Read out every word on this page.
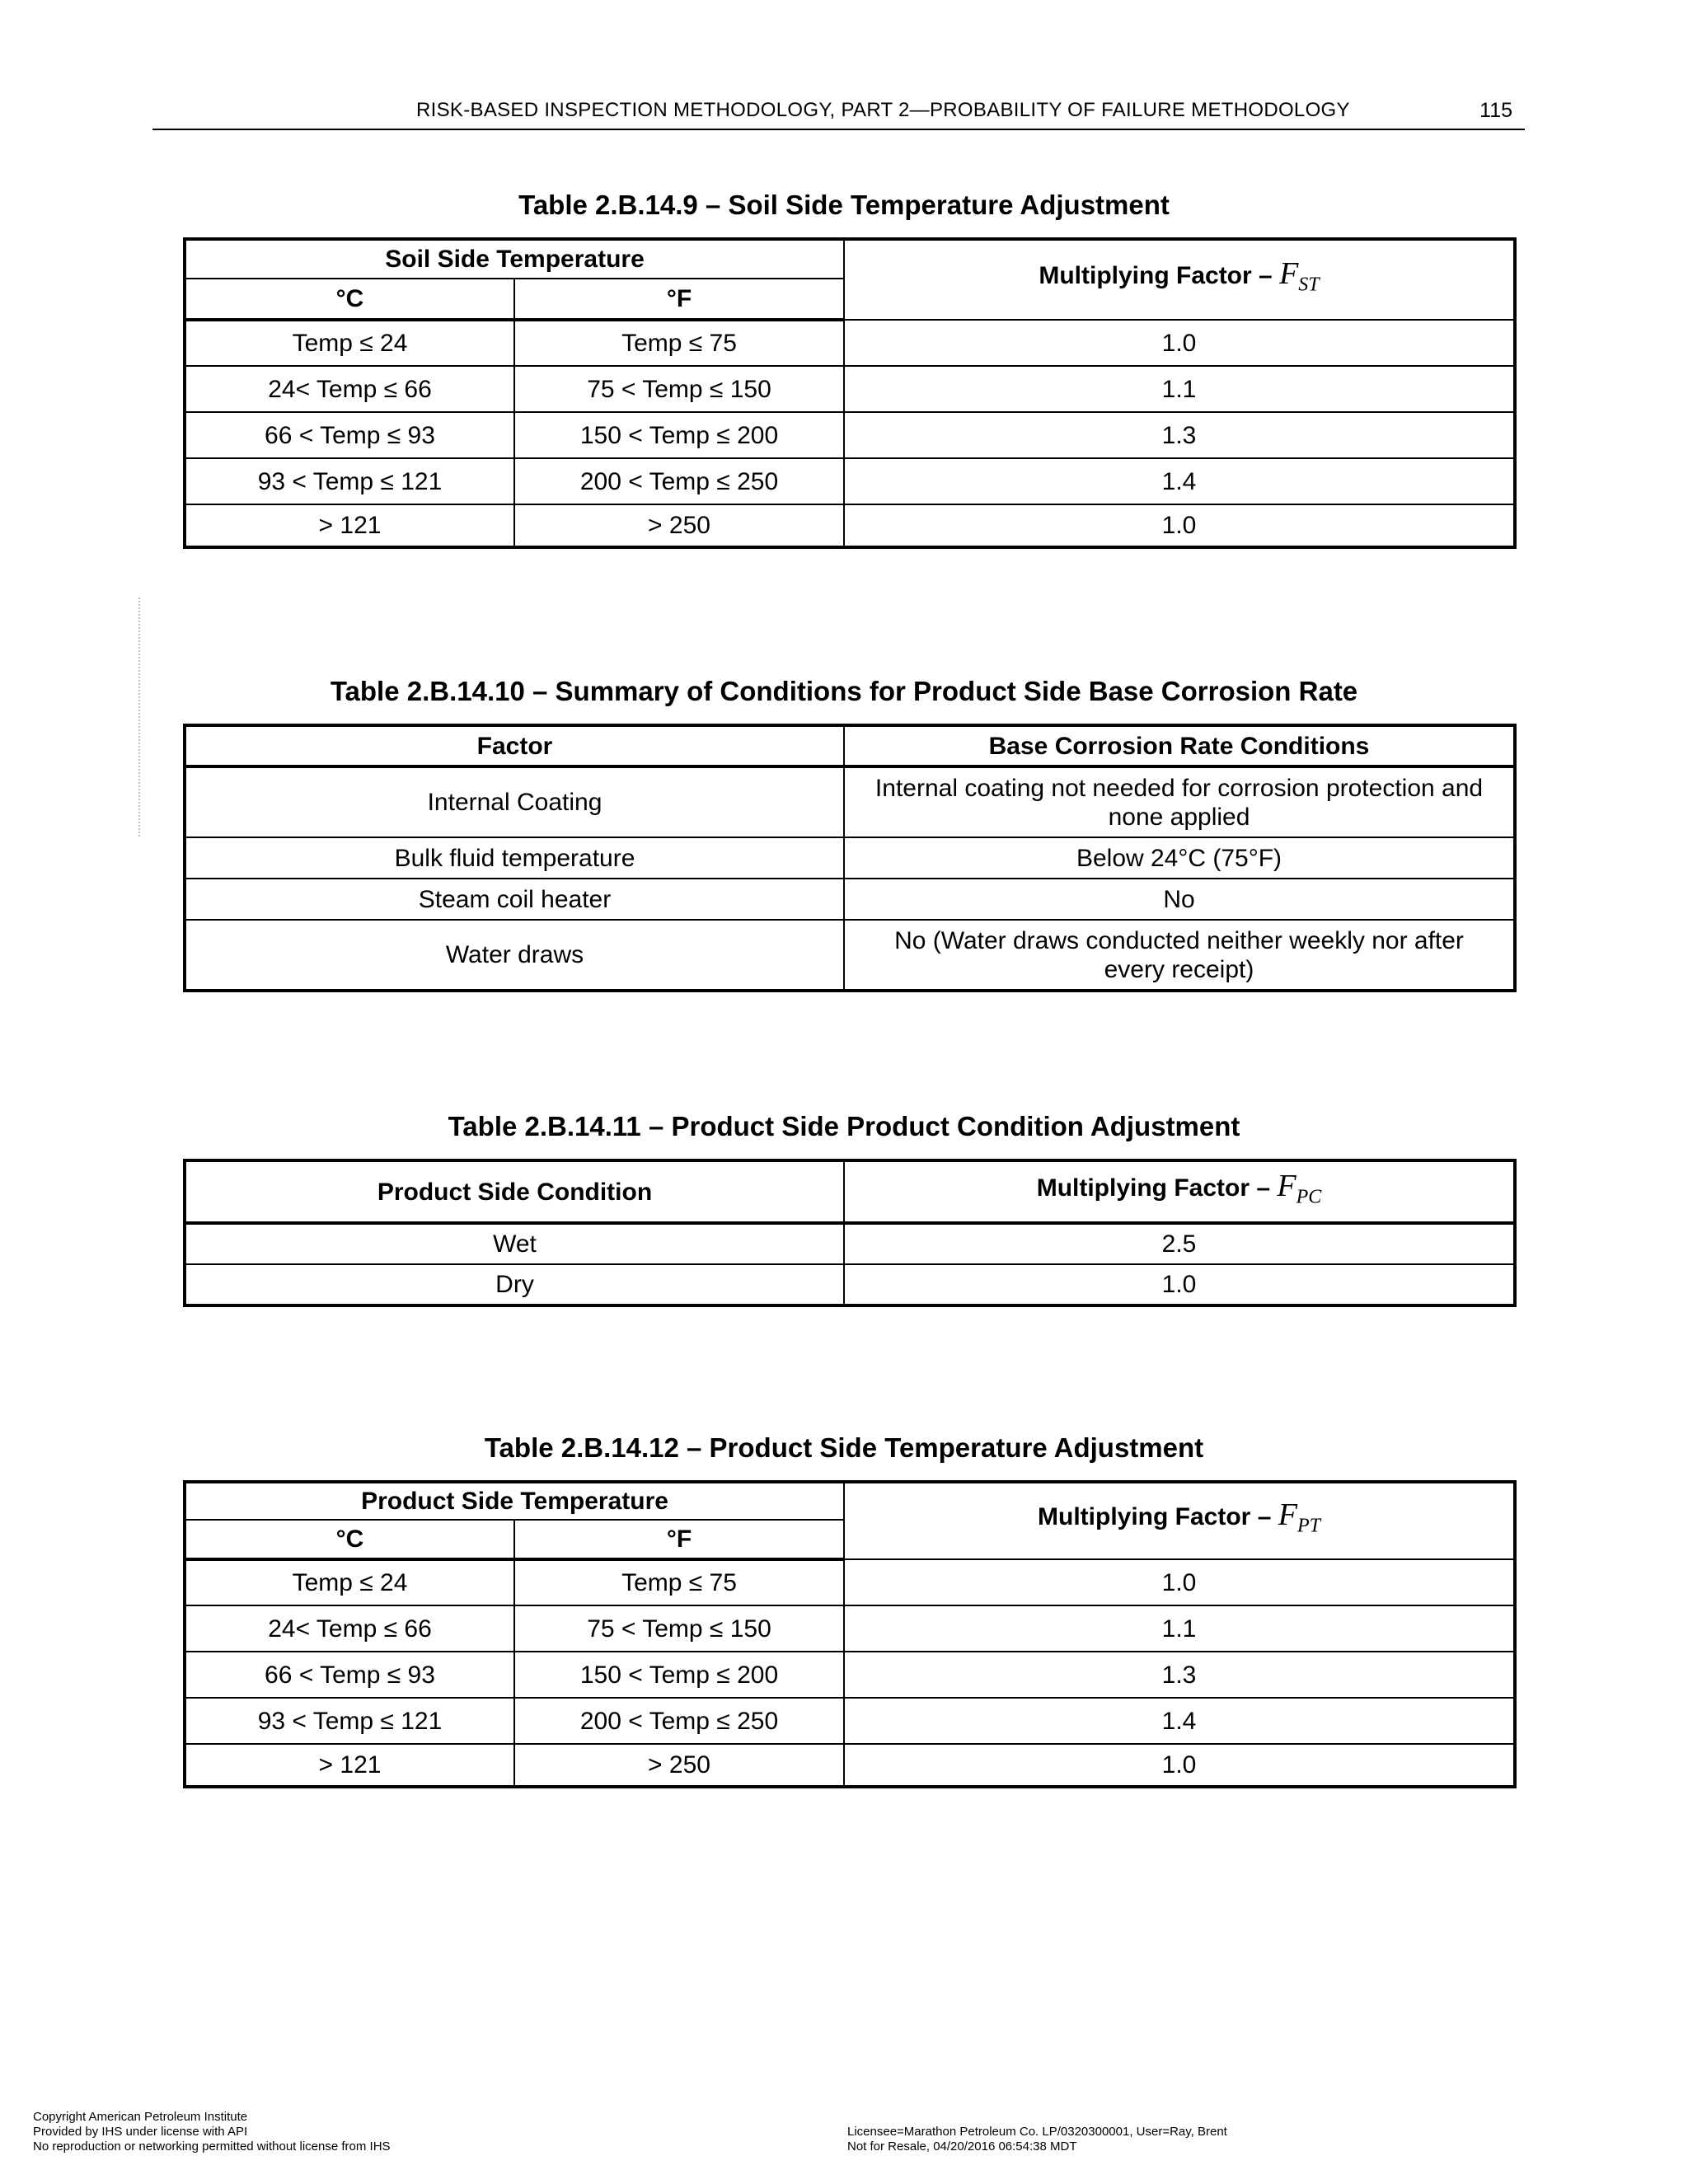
RISK-BASED INSPECTION METHODOLOGY, PART 2—PROBABILITY OF FAILURE METHODOLOGY	115
Table 2.B.14.9 – Soil Side Temperature Adjustment
Soil Side Temperature		Multiplying Factor – $F_{ST}$
°C	°F	
Temp ≤ 24	Temp ≤ 75	1.0
24< Temp ≤ 66	75 < Temp ≤ 150	1.1
66 < Temp ≤ 93	150 < Temp ≤ 200	1.3
93 < Temp ≤ 121	200 < Temp ≤ 250	1.4
> 121	> 250	1.0
Table 2.B.14.10 – Summary of Conditions for Product Side Base Corrosion Rate
Factor	Base Corrosion Rate Conditions
Internal Coating	Internal coating not needed for corrosion protection and
none applied

Bulk fluid temperature	Below 24°C (75°F)
Steam coil heater	No
Water draws	No (Water draws conducted neither weekly nor after
every receipt)
Table 2.B.14.11 – Product Side Product Condition Adjustment
Product Side Condition	Multiplying Factor – $F_{PC}$
Wet	2.5
Dry	1.0
Table 2.B.14.12 – Product Side Temperature Adjustment
Product Side Temperature		Multiplying Factor – $F_{PT}$
°C	°F	
Temp ≤ 24	Temp ≤ 75	1.0
24< Temp ≤ 66	75 < Temp ≤ 150	1.1
66 < Temp ≤ 93	150 < Temp ≤ 200	1.3
93 < Temp ≤ 121	200 < Temp ≤ 250	1.4
> 121	> 250	1.0
Copyright American Petroleum Institute
Provided by IHS under license with API
No reproduction or networking permitted without license from IHS
Licensee=Marathon Petroleum Co. LP/0320300001, User=Ray, Brent
Not for Resale, 04/20/2016 06:54:38 MDT
